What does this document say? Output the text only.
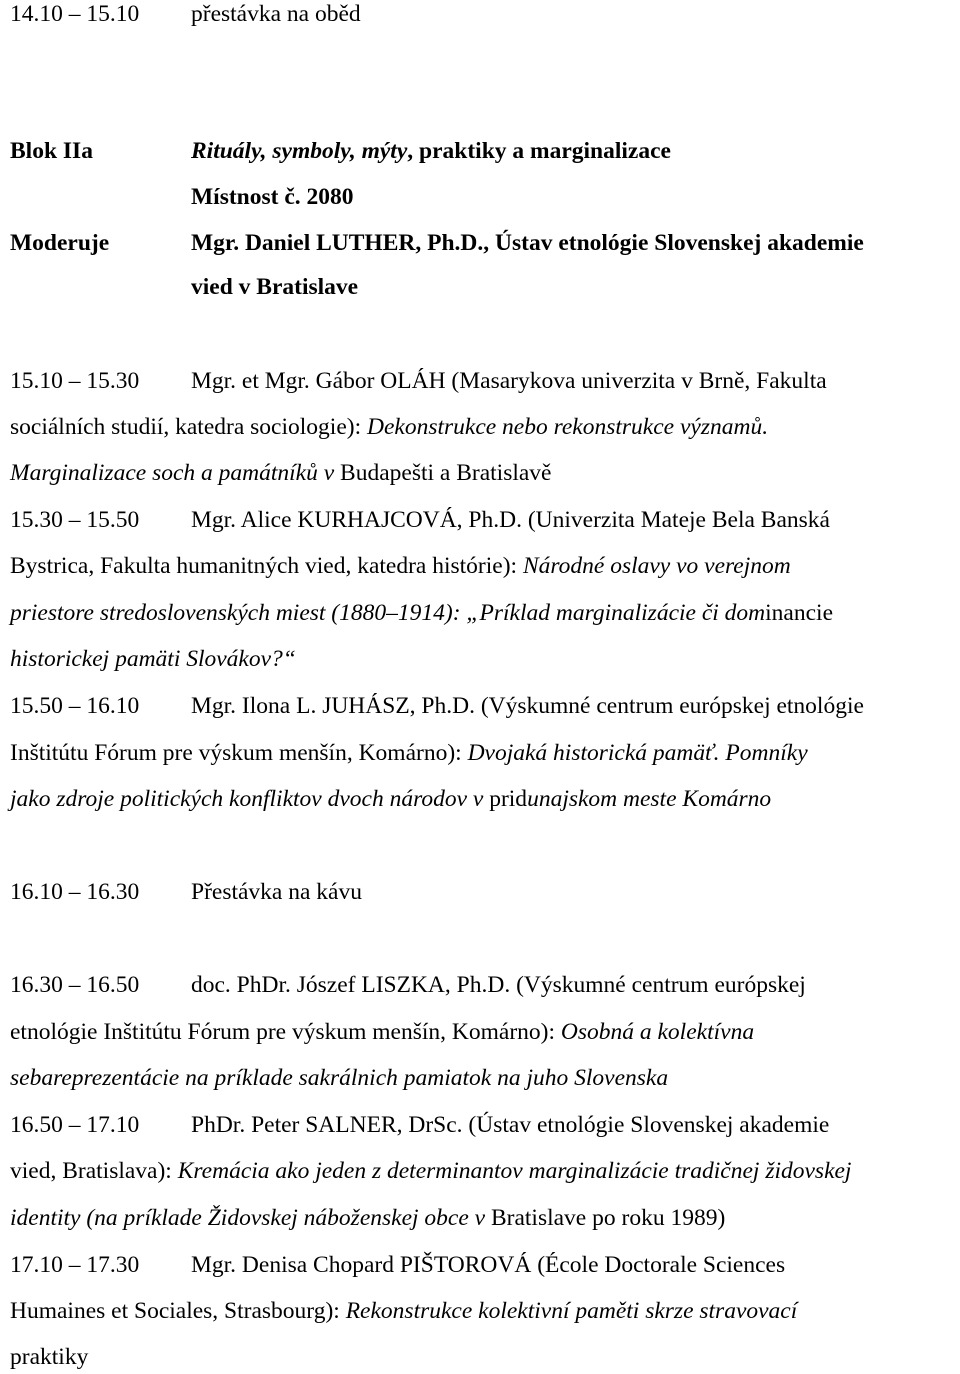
14.10 – 15.10 přestávka na oběd
Blok IIa	Rituály, symboly, mýty, praktiky a marginalizace
Místnost č. 2080
Moderuje	Mgr. Daniel LUTHER, Ph.D., Ústav etnológie Slovenskej akademie
vied v Bratislave
15.10 – 15.30 Mgr. et Mgr. Gábor OLÁH (Masarykova univerzita v Brně, Fakulta
sociálních studií, katedra sociologie): Dekonstrukce nebo rekonstrukce významů.
Marginalizace soch a památníků v Budapešti a Bratislavě
15.30 – 15.50 Mgr. Alice KURHAJCOVÁ, Ph.D. (Univerzita Mateje Bela Banská
Bystrica, Fakulta humanitných vied, katedra histórie): Národné oslavy vo verejnom
priestore stredoslovenských miest (1880–1914): „Príklad marginalizácie či dominancie
historickej pamäti Slovákov?“
15.50 – 16.10 Mgr. Ilona L. JUHÁSZ, Ph.D. (Výskumné centrum európskej etnológie
Inštitútu Fórum pre výskum menšín, Komárno): Dvojaká historická pamäť. Pomníky
jako zdroje politických konfliktov dvoch národov v pridunajskom meste Komárno
16.10 – 16.30 Přestávka na kávu
16.30 – 16.50 doc. PhDr. Jószef LISZKA, Ph.D. (Výskumné centrum európskej
etnológie Inštitútu Fórum pre výskum menšín, Komárno): Osobná a kolektívna
sebareprezentácie na príklade sakrálnich pamiatok na juho Slovenska
16.50 – 17.10 PhDr. Peter SALNER, DrSc. (Ústav etnológie Slovenskej akademie
vied, Bratislava): Kremácia ako jeden z determinantov marginalizácie tradičnej židovskej
identity (na príklade Židovskej náboženskej obce v Bratislave po roku 1989)
17.10 – 17.30 Mgr. Denisa Chopard PIŠTOROVÁ (École Doctorale Sciences
Humaines et Sociales, Strasbourg): Rekonstrukce kolektivní paměti skrze stravovací
praktiky
